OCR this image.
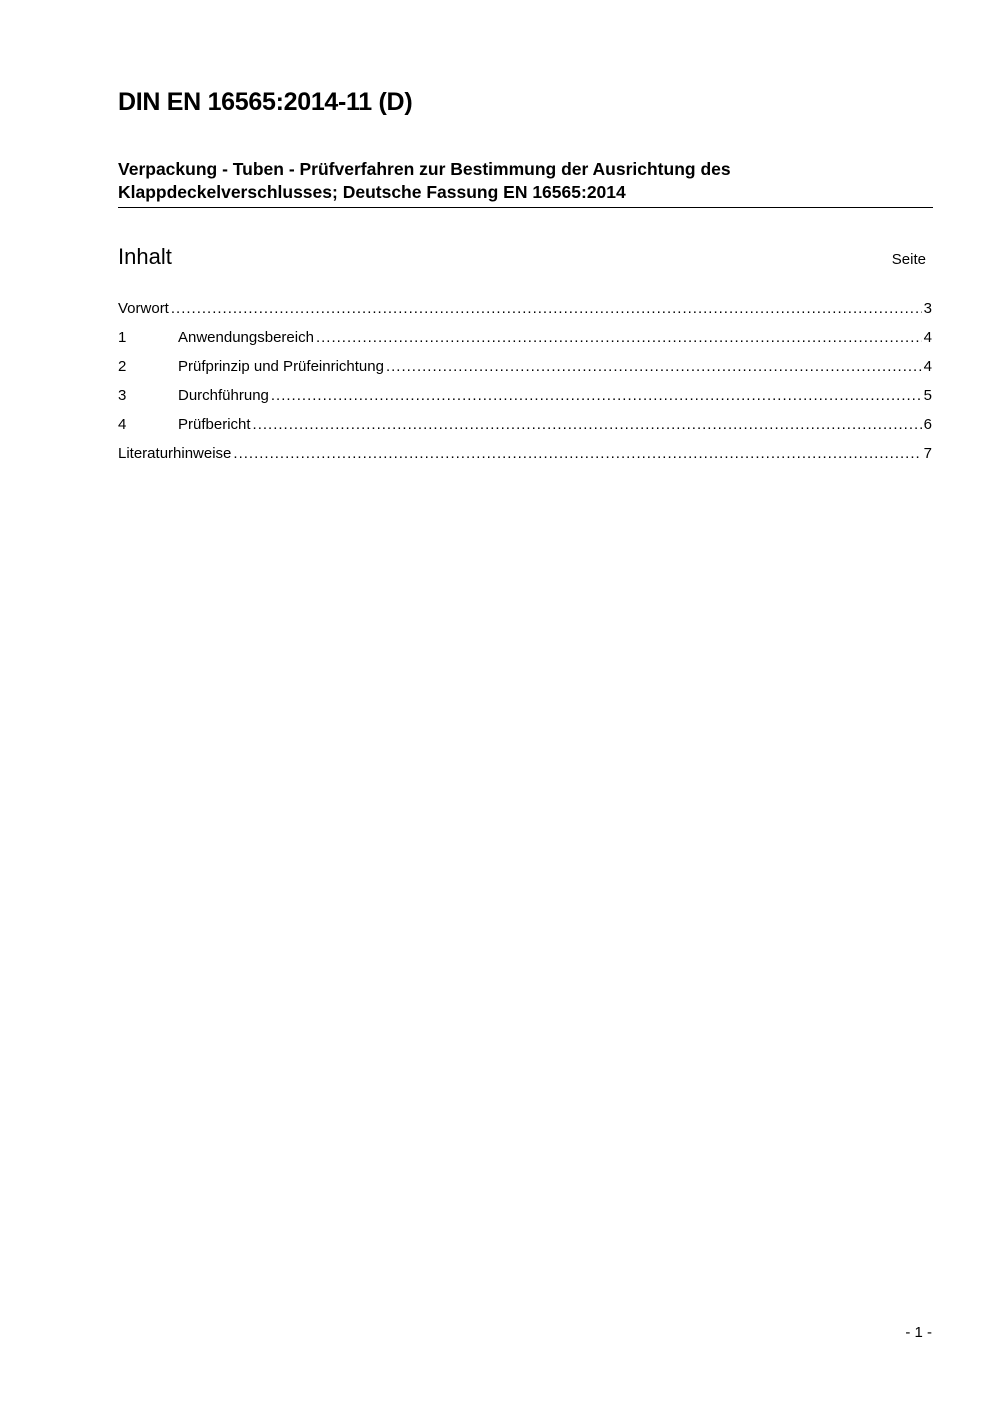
DIN EN 16565:2014-11 (D)
Verpackung - Tuben - Prüfverfahren zur Bestimmung der Ausrichtung des
Klappdeckelverschlusses; Deutsche Fassung EN 16565:2014
Inhalt	Seite
Vorwort .....	3
1	Anwendungsbereich .....	4
2	Prüfprinzip und Prüfeinrichtung .....	4
3	Durchführung .....	5
4	Prüfbericht .....	6
Literaturhinweise .....	7
- 1 -
